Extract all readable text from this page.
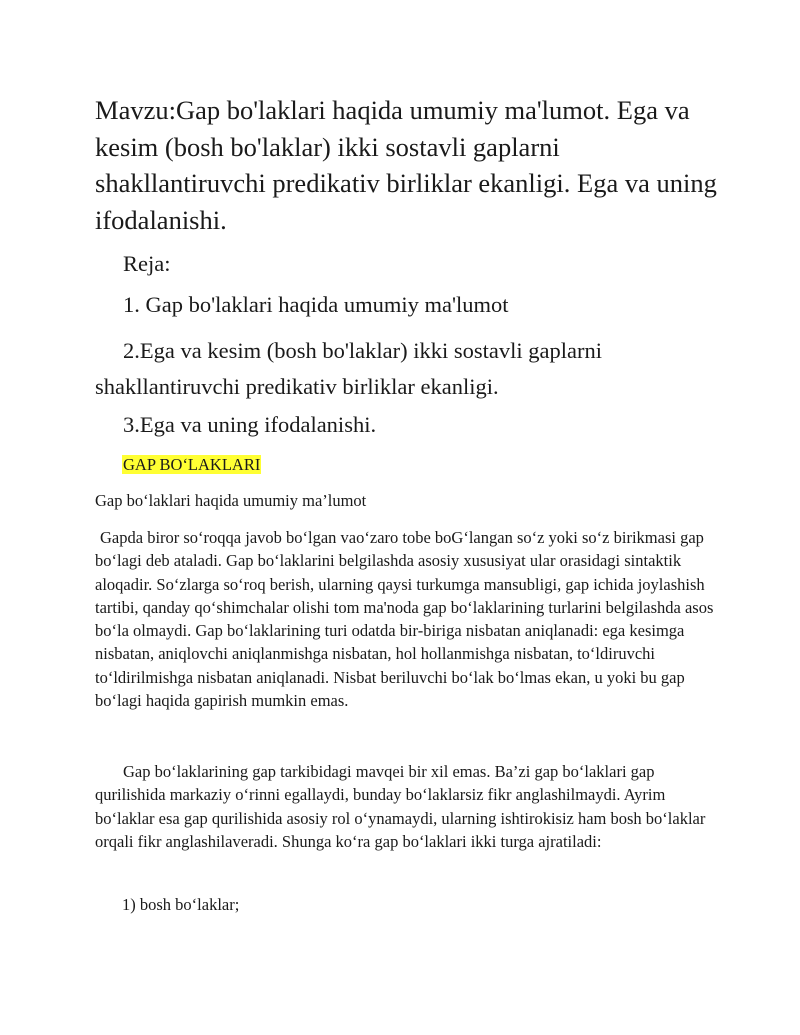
Mavzu:Gap bo'laklari haqida umumiy ma'lumot. Ega va kesim (bosh bo'laklar) ikki sostavli gaplarni shakllantiruvchi predikativ birliklar ekanligi. Ega va uning ifodalanishi.

Reja:

1. Gap bo'laklari haqida umumiy ma'lumot

2.Ega va kesim (bosh bo'laklar) ikki sostavli gaplarni shakllantiruvchi predikativ birliklar ekanligi.

3.Ega va uning ifodalanishi.

GAP BO‘LAKLARI

Gap bo‘laklari haqida umumiy ma’lumot

Gapda biror so‘roqqa javob bo‘lgan vao‘zaro tobe boG‘langan so‘z yoki so‘z birikmasi gap bo‘lagi deb ataladi. Gap bo‘laklarini belgilashda asosiy xususiyat ular orasidagi sintaktik aloqadir. So‘zlarga so‘roq berish, ularning qaysi turkumga mansubligi, gap ichida joylashish tartibi, qanday qo‘shimchalar olishi tom ma'noda gap bo‘laklarining turlarini belgilashda asos bo‘la olmaydi. Gap bo‘laklarining turi odatda bir-biriga nisbatan aniqlanadi: ega kesimga nisbatan, aniqlovchi aniqlanmishga nisbatan, hol hollanmishga nisbatan, to‘ldiruvchi to‘ldirilmishga nisbatan aniqlanadi. Nisbat beriluvchi bo‘lak bo‘lmas ekan, u yoki bu gap bo‘lagi haqida gapirish mumkin emas.

Gap bo‘laklarining gap tarkibidagi mavqei bir xil emas. Ba’zi gap bo‘laklari gap qurilishida markaziy o‘rinni egallaydi, bunday bo‘laklarsiz fikr anglashilmaydi. Ayrim bo‘laklar esa gap qurilishida asosiy rol o‘ynamaydi, ularning ishtirokisiz ham bosh bo‘laklar orqali fikr anglashilaveradi. Shunga ko‘ra gap bo‘laklari ikki turga ajratiladi:

1) bosh bo‘laklar;
